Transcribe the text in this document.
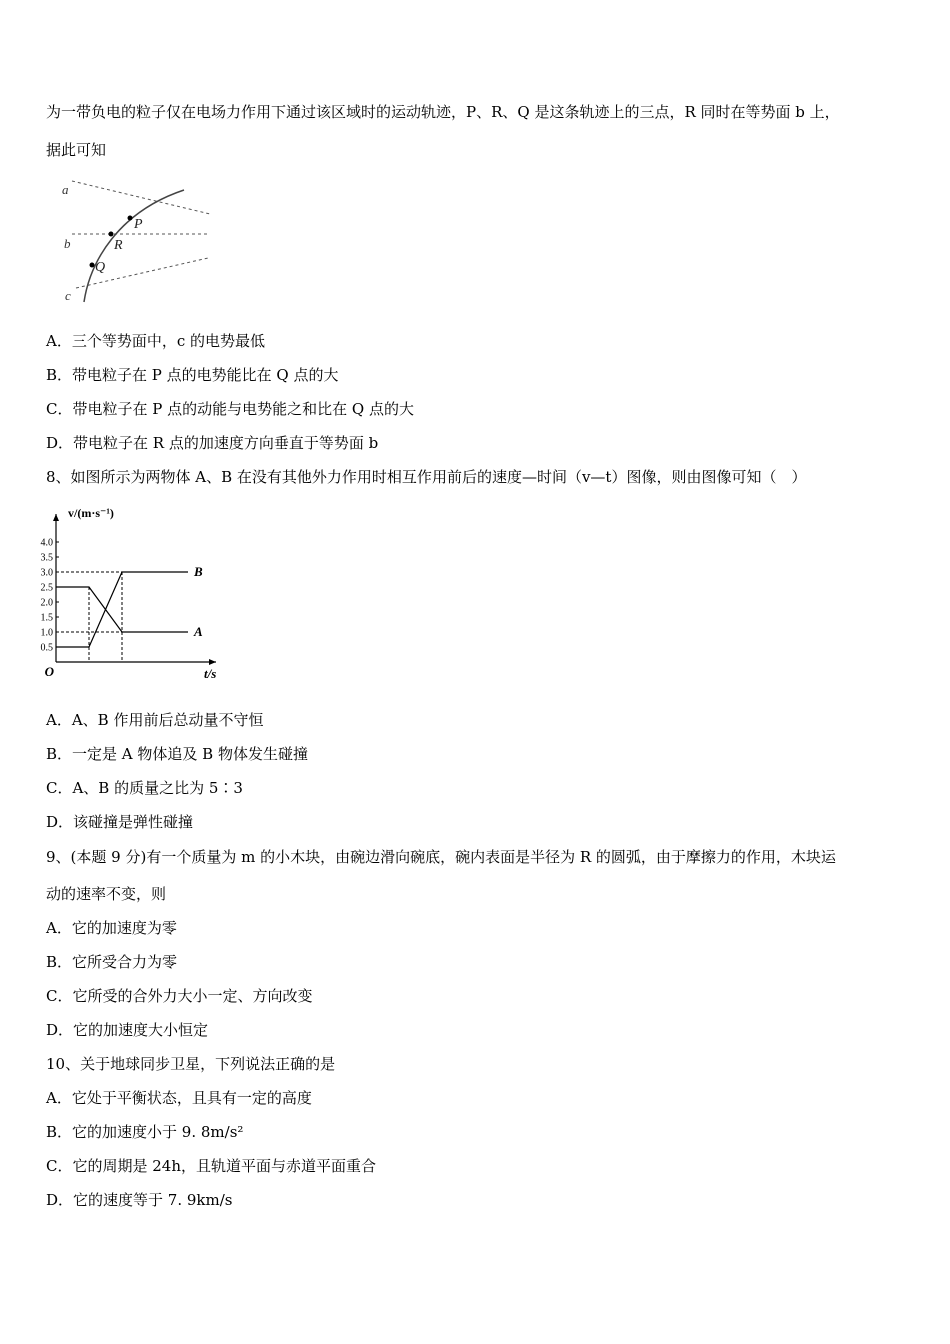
为一带负电的粒子仅在电场力作用下通过该区域时的运动轨迹，P、R、Q 是这条轨迹上的三点，R 同时在等势面 b 上，
据此可知
a
b
c
P
R
Q
A．三个等势面中，c 的电势最低
B．带电粒子在 P 点的电势能比在 Q 点的大
C．带电粒子在 P 点的动能与电势能之和比在 Q 点的大
D．带电粒子在 R 点的加速度方向垂直于等势面 b
8、如图所示为两物体 A、B 在没有其他外力作用时相互作用前后的速度—时间（v—t）图像，则由图像可知（　）
0.5
1.0
1.5
2.0
2.5
3.0
3.5
4.0
A
B
v/(m·s⁻¹)
t/s
O
A．A、B 作用前后总动量不守恒
B．一定是 A 物体追及 B 物体发生碰撞
C．A、B 的质量之比为 5∶3
D．该碰撞是弹性碰撞
9、(本题 9 分)有一个质量为 m 的小木块，由碗边滑向碗底，碗内表面是半径为 R 的圆弧，由于摩擦力的作用，木块运
动的速率不变，则
A．它的加速度为零
B．它所受合力为零
C．它所受的合外力大小一定、方向改变
D．它的加速度大小恒定
10、关于地球同步卫星，下列说法正确的是
A．它处于平衡状态，且具有一定的高度
B．它的加速度小于 9. 8m/s²
C．它的周期是 24h，且轨道平面与赤道平面重合
D．它的速度等于 7. 9km/s
